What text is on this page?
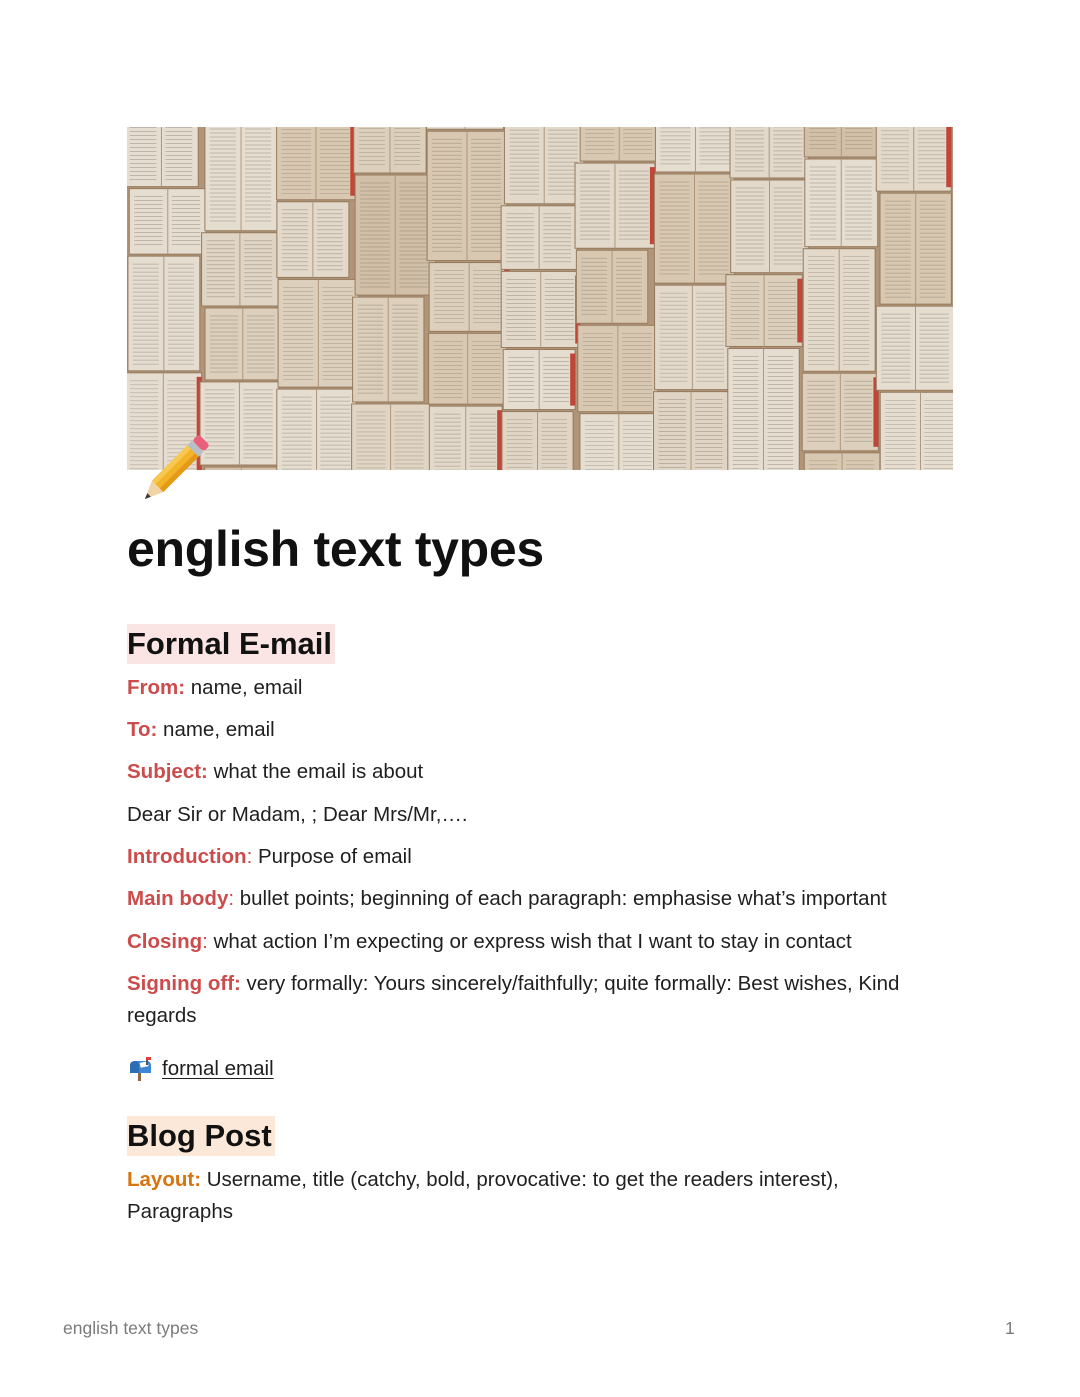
english text types
Formal E-mail

From: name, email

To: name, email

Subject: what the email is about

Dear Sir or Madam, ; Dear Mrs/Mr,….

Introduction: Purpose of email

Main body: bullet points; beginning of each paragraph: emphasise what’s important

Closing: what action I’m expecting or express wish that I want to stay in contact

Signing off: very formally: Yours sincerely/faithfully; quite formally: Best wishes, Kind regards

formal email
Blog Post

Layout: Username, title (catchy, bold, provocative: to get the readers interest), Paragraphs

english text types	1
